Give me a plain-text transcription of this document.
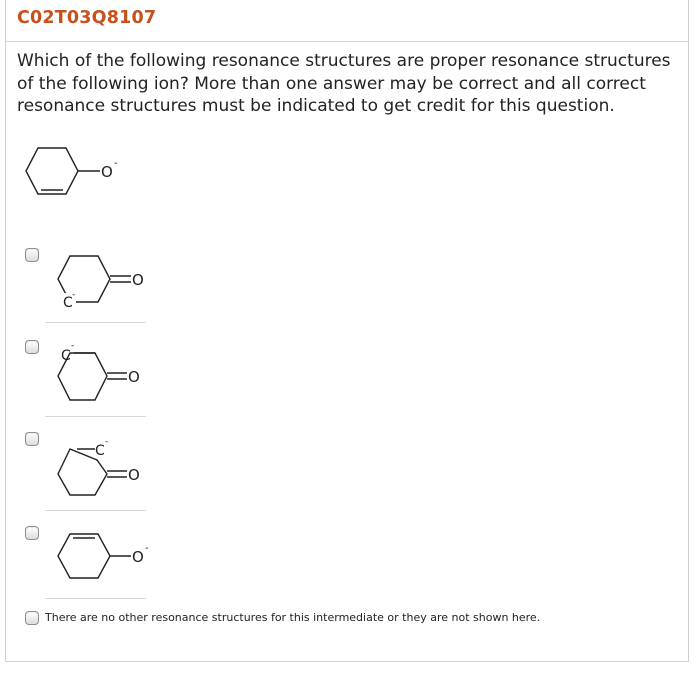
C02T03Q8107
Which of the following resonance structures are proper resonance structures of the following ion? More than one answer may be correct and all correct resonance structures must be indicated to get credit for this question.
O -
O
C -
C
-
O
C
-
O
O -
There are no other resonance structures for this intermediate or they are not shown here.
